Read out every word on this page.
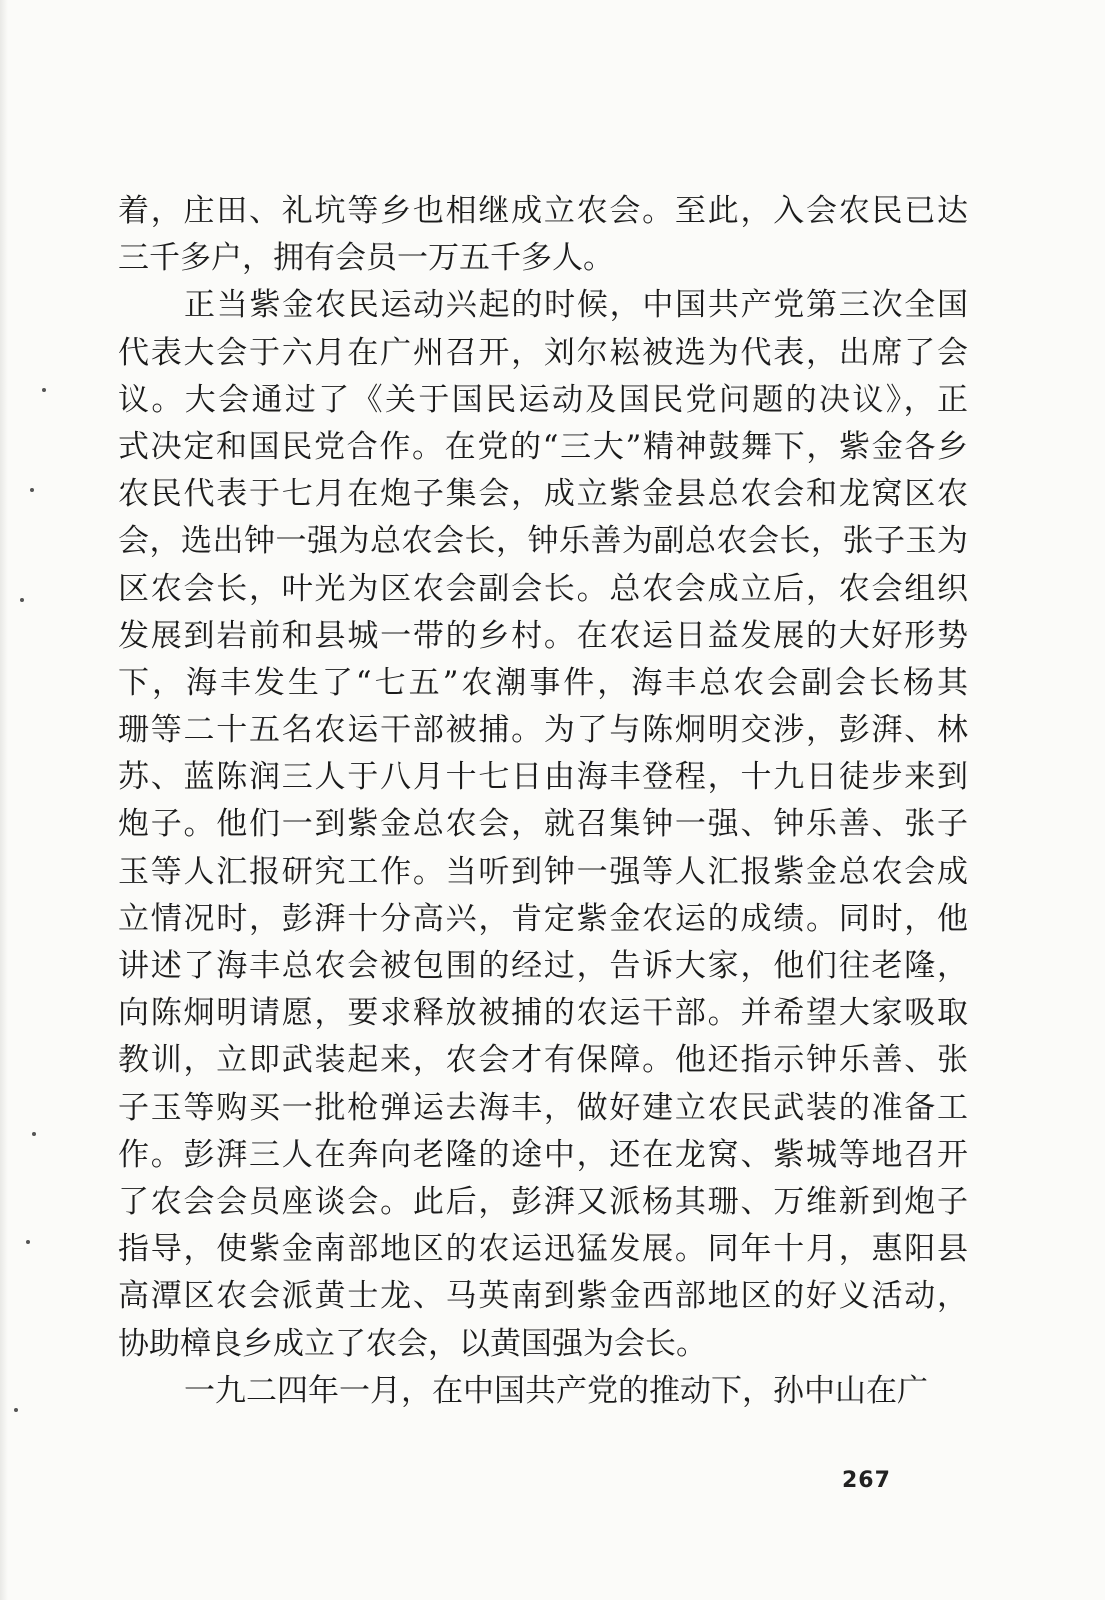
着，庄田、礼坑等乡也相继成立农会。至此，入会农民已达
三千多户，拥有会员一万五千多人。
正当紫金农民运动兴起的时候，中国共产党第三次全国
代表大会于六月在广州召开，刘尔崧被选为代表，出席了会
议。大会通过了《关于国民运动及国民党问题的决议》，正
式决定和国民党合作。在党的“三大”精神鼓舞下，紫金各乡
农民代表于七月在炮子集会，成立紫金县总农会和龙窝区农
会，选出钟一强为总农会长，钟乐善为副总农会长，张子玉为
区农会长，叶光为区农会副会长。总农会成立后，农会组织
发展到岩前和县城一带的乡村。在农运日益发展的大好形势
下，海丰发生了“七五”农潮事件，海丰总农会副会长杨其
珊等二十五名农运干部被捕。为了与陈炯明交涉，彭湃、林
苏、蓝陈润三人于八月十七日由海丰登程，十九日徒步来到
炮子。他们一到紫金总农会，就召集钟一强、钟乐善、张子
玉等人汇报研究工作。当听到钟一强等人汇报紫金总农会成
立情况时，彭湃十分高兴，肯定紫金农运的成绩。同时，他
讲述了海丰总农会被包围的经过，告诉大家，他们往老隆，
向陈炯明请愿，要求释放被捕的农运干部。并希望大家吸取
教训，立即武装起来，农会才有保障。他还指示钟乐善、张
子玉等购买一批枪弹运去海丰，做好建立农民武装的准备工
作。彭湃三人在奔向老隆的途中，还在龙窝、紫城等地召开
了农会会员座谈会。此后，彭湃又派杨其珊、万维新到炮子
指导，使紫金南部地区的农运迅猛发展。同年十月，惠阳县
高潭区农会派黄士龙、马英南到紫金西部地区的好义活动，
协助樟良乡成立了农会，以黄国强为会长。
一九二四年一月，在中国共产党的推动下，孙中山在广
267
